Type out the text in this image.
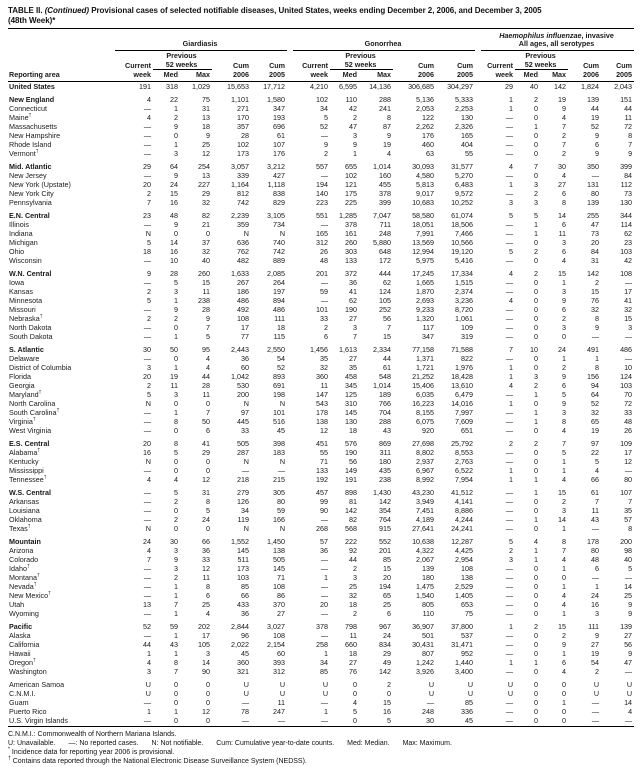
TABLE II. (Continued) Provisional cases of selected notifiable diseases, United States, weeks ending December 2, 2006, and December 3, 2005
(48th Week)*

	Giardiasis						Gonorrhea						Haemophilus influenzae, invasive
All ages, all serotypes				

		Previous						Previous						Previous			
	Current	52 weeks		Cum	Cum		Current	52 weeks		Cum	Cum		Current	52 weeks		Cum	Cum
Reporting area	week	Med	Max	2006	2005		week	Med	Max	2006	2005		week	Med	Max	2006	2005
United States	191	318	1,029	15,653	17,712		4,210	6,595	14,136	306,685	304,297		29	40	142	1,824	2,043

New England	4	22	75	1,101	1,580		102	110	288	5,136	5,333		1	2	19	139	151
Connecticut	—	1	31	271	347		34	42	241	2,053	2,253		1	0	9	44	44
Maine†	4	2	13	170	193		5	2	8	122	130		—	0	4	19	11
Massachusetts	—	9	18	357	696		52	47	87	2,262	2,326		—	1	7	52	72
New Hampshire	—	0	9	28	61		—	3	9	176	165		—	0	2	9	8
Rhode Island	—	1	25	102	107		9	9	19	460	404		—	0	7	6	7
Vermont†	—	3	12	173	176		2	1	4	63	55		—	0	2	9	9

Mid. Atlantic	29	64	254	3,057	3,212		557	655	1,014	30,093	31,577		4	7	30	350	399
New Jersey	—	9	13	339	427		—	102	160	4,580	5,270		—	0	4	—	84
New York (Upstate)	20	24	227	1,164	1,118		194	121	455	5,813	6,483		1	3	27	131	112
New York City	2	15	29	812	838		140	175	378	9,017	9,572		—	2	6	80	73
Pennsylvania	7	16	32	742	829		223	225	399	10,683	10,252		3	3	8	139	130

E.N. Central	23	48	82	2,239	3,105		551	1,285	7,047	58,580	61,074		5	5	14	255	344
Illinois	—	9	21	359	734		—	378	711	18,051	18,506		—	1	6	47	114
Indiana	N	0	0	N	N		165	161	248	7,991	7,466		—	1	11	73	62
Michigan	5	14	37	636	740		312	260	5,880	13,569	10,566		—	0	3	20	23
Ohio	18	16	32	762	742		26	303	648	12,994	19,120		5	2	6	84	103
Wisconsin	—	10	40	482	889		48	133	172	5,975	5,416		—	0	4	31	42

W.N. Central	9	28	260	1,633	2,085		201	372	444	17,245	17,334		4	2	15	142	108
Iowa	—	5	15	267	264		—	36	62	1,665	1,515		—	0	1	2	—
Kansas	2	3	11	186	197		59	41	124	1,870	2,374		—	0	3	15	17
Minnesota	5	1	238	486	894		—	62	105	2,693	3,236		4	0	9	76	41
Missouri	—	9	28	492	486		101	190	252	9,233	8,720		—	0	6	32	32
Nebraska†	2	2	9	108	111		33	27	56	1,320	1,061		—	0	2	8	15
North Dakota	—	0	7	17	18		2	3	7	117	109		—	0	3	9	3
South Dakota	—	1	5	77	115		6	7	15	347	319		—	0	0	—	—

S. Atlantic	30	50	95	2,443	2,550		1,456	1,613	2,334	77,158	71,588		7	10	24	491	486
Delaware	—	0	4	36	54		35	27	44	1,371	822		—	0	1	1	—
District of Columbia	3	1	4	60	52		32	35	61	1,721	1,976		1	0	2	8	10
Florida	20	19	44	1,042	893		360	458	548	21,252	18,428		1	3	9	156	124
Georgia	2	11	28	530	691		11	345	1,014	15,406	13,610		4	2	6	94	103
Maryland†	5	3	11	200	198		147	125	189	6,035	6,479		—	1	5	64	70
North Carolina	N	0	0	N	N		543	310	766	16,223	14,016		1	0	9	52	72
South Carolina†	—	1	7	97	101		178	145	704	8,155	7,997		—	1	3	32	33
Virginia†	—	8	50	445	516		138	130	288	6,075	7,609		—	1	8	65	48
West Virginia	—	0	6	33	45		12	18	43	920	651		—	0	4	19	26

E.S. Central	20	8	41	505	398		451	576	869	27,698	25,792		2	2	7	97	109
Alabama†	16	5	29	287	183		55	190	311	8,802	8,553		—	0	5	22	17
Kentucky	N	0	0	N	N		71	56	180	2,937	2,763		—	0	1	5	12
Mississippi	—	0	0	—	—		133	149	435	6,967	6,522		1	0	1	4	—
Tennessee†	4	4	12	218	215		192	191	238	8,992	7,954		1	1	4	66	80

W.S. Central	—	5	31	279	305		457	898	1,430	43,230	41,512		—	1	15	61	107
Arkansas	—	2	8	126	80		99	81	142	3,949	4,141		—	0	2	7	7
Louisiana	—	0	5	34	59		90	142	354	7,451	8,886		—	0	3	11	35
Oklahoma	—	2	24	119	166		—	82	764	4,189	4,244		—	1	14	43	57
Texas†	N	0	0	N	N		268	568	915	27,641	24,241		—	0	1	—	8

Mountain	24	30	66	1,552	1,450		57	222	552	10,638	12,287		5	4	8	178	200
Arizona	4	3	36	145	138		36	92	201	4,322	4,425		2	1	7	80	98
Colorado	7	9	33	511	505		—	44	85	2,067	2,954		3	1	4	48	40
Idaho†	—	3	12	173	145		—	2	15	139	108		—	0	1	6	5
Montana†	—	2	11	103	71		1	3	20	180	138		—	0	0	—	—
Nevada†	—	1	8	85	108		—	25	194	1,475	2,529		—	0	1	1	14
New Mexico†	—	1	6	66	86		—	32	65	1,540	1,405		—	0	4	24	25
Utah	13	7	25	433	370		20	18	25	805	653		—	0	4	16	9
Wyoming	—	1	4	36	27		—	2	6	110	75		—	0	1	3	9

Pacific	52	59	202	2,844	3,027		378	798	967	36,907	37,800		1	2	15	111	139
Alaska	—	1	17	96	108		—	11	24	501	537		—	0	2	9	27
California	44	43	105	2,022	2,154		258	660	834	30,431	31,471		—	0	9	27	56
Hawaii	1	1	3	45	60		1	18	29	807	952		—	0	1	19	9
Oregon†	4	8	14	360	393		34	27	49	1,242	1,440		1	1	6	54	47
Washington	3	7	90	321	312		85	76	142	3,926	3,400		—	0	4	2	—

American Samoa	U	0	0	U	U		U	0	2	U	U		U	0	0	U	U
C.N.M.I.	U	0	0	U	U		U	0	0	U	U		U	0	0	U	U
Guam	—	0	0	—	11		—	4	15	—	85		—	0	1	—	14
Puerto Rico	1	1	12	78	247		1	5	16	248	336		—	0	0	—	4
U.S. Virgin Islands	—	0	0	—	—		—	0	5	30	45		—	0	0	—	—
C.N.M.I.: Commonwealth of Northern Mariana Islands.
U: Unavailable. —: No reported cases. N: Not notifiable. Cum: Cumulative year-to-date counts. Med: Median. Max: Maximum.
* Incidence data for reporting year 2006 is provisional.
† Contains data reported through the National Electronic Disease Surveillance System (NEDSS).
